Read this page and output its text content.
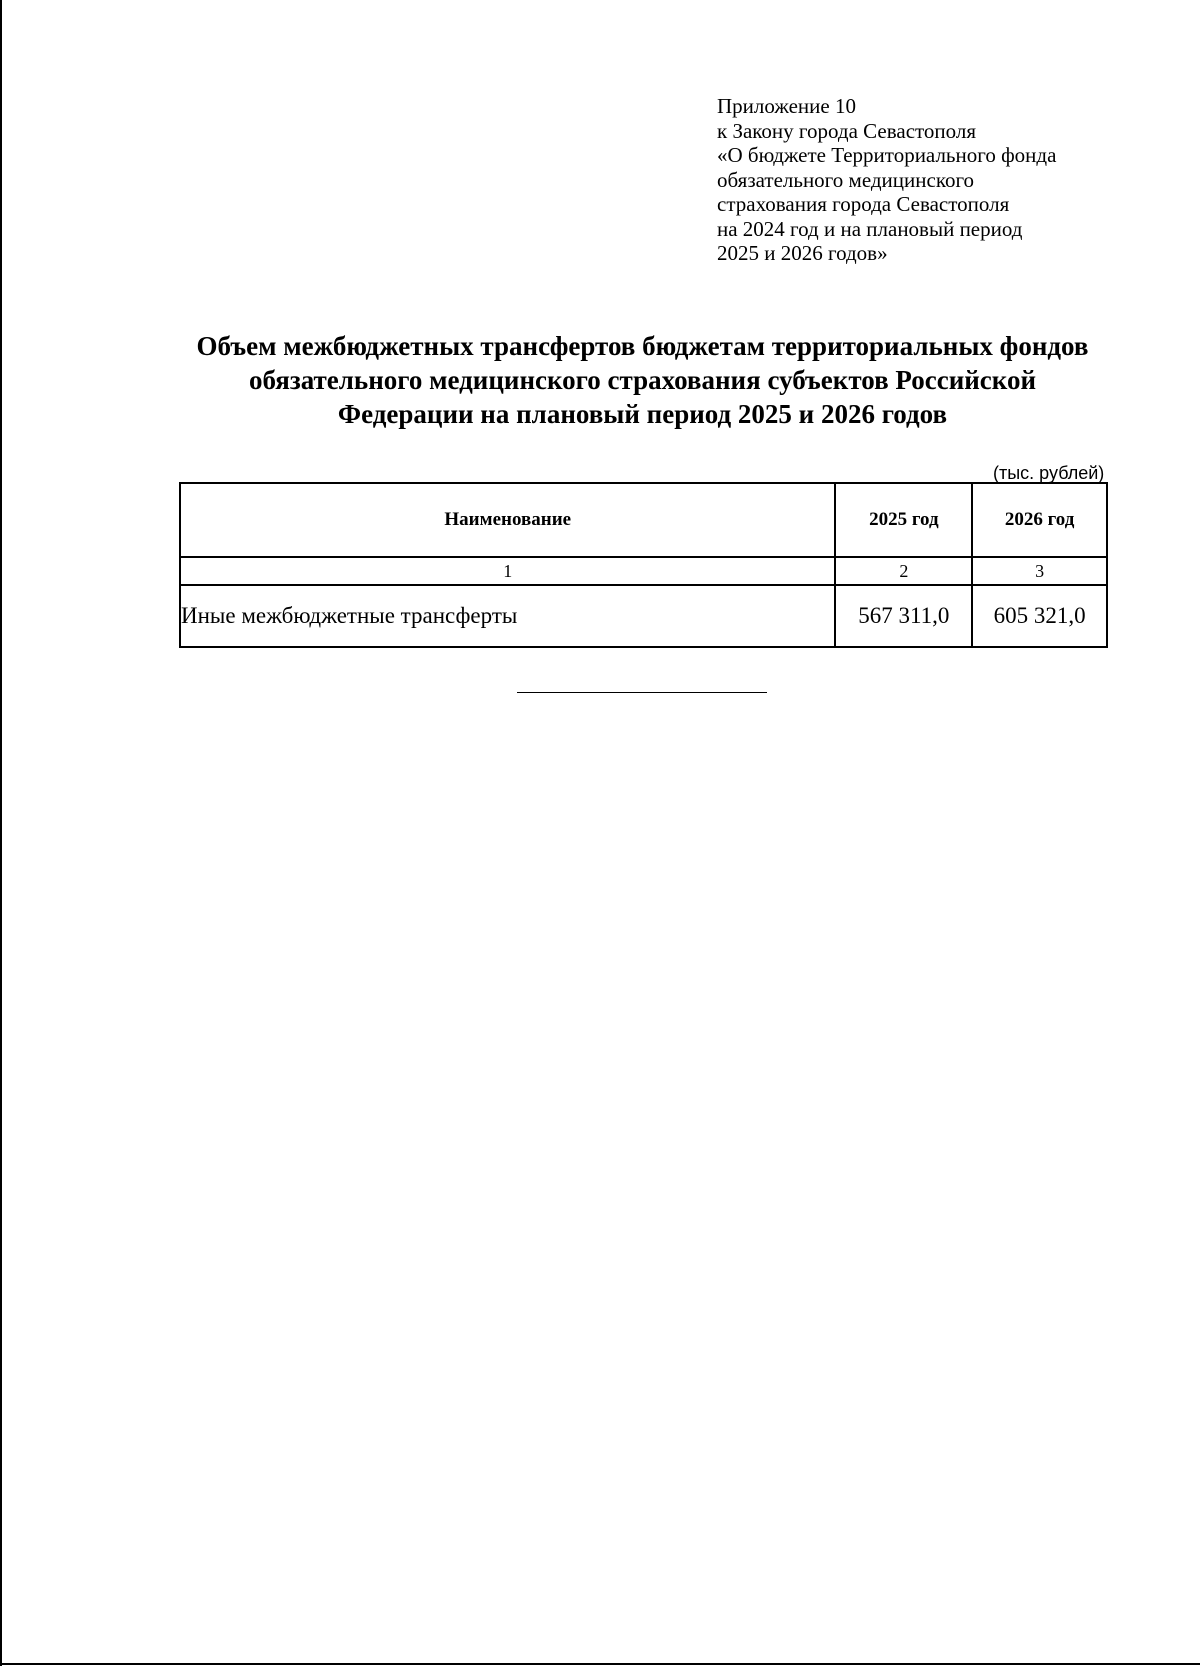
Приложение 10
к Закону города Севастополя
«О бюджете Территориального фонда
обязательного медицинского
страхования города Севастополя
на 2024 год и на плановый период
2025 и 2026 годов»
Объем межбюджетных трансфертов бюджетам территориальных фондов
обязательного медицинского страхования субъектов Российской
Федерации на плановый период 2025 и 2026 годов
(тыс. рублей)
Наименование	2025 год	2026 год
1	2	3
Иные межбюджетные трансферты	567 311,0	605 321,0
